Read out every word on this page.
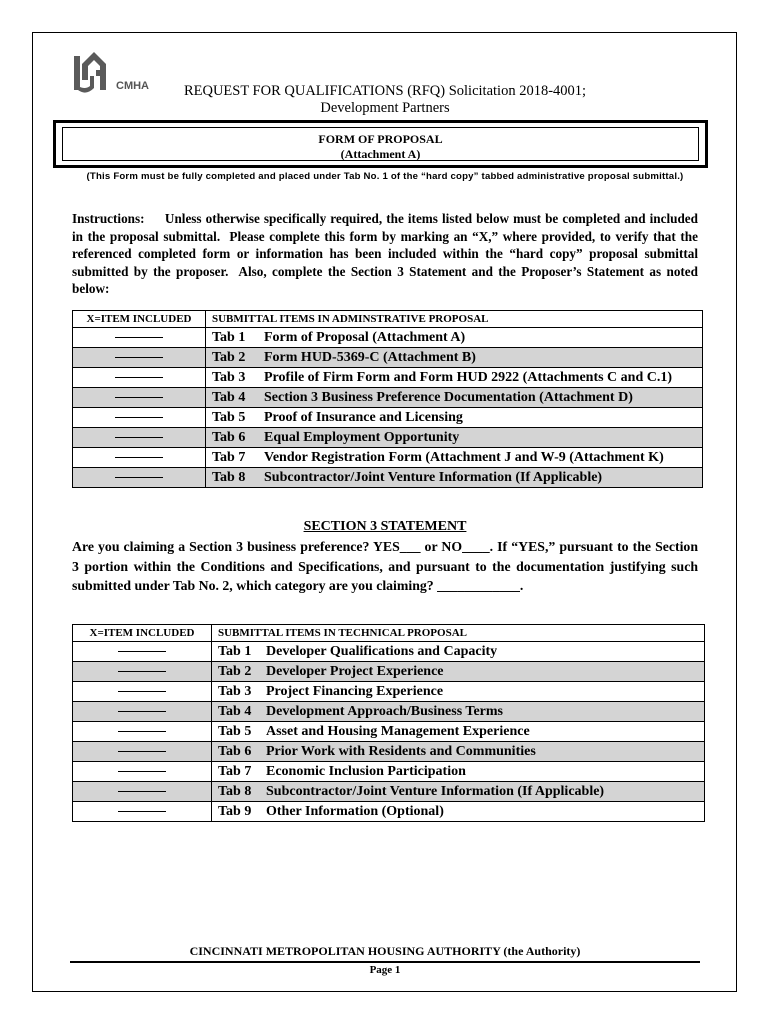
CMHA	REQUEST FOR QUALIFICATIONS (RFQ) Solicitation 2018-4001;
Development Partners
FORM OF PROPOSAL
(Attachment A)
(This Form must be fully completed and placed under Tab No. 1 of the “hard copy” tabbed administrative proposal submittal.)
Instructions:     Unless otherwise specifically required, the items listed below must be completed and included in the proposal submittal.  Please complete this form by marking an “X,” where provided, to verify that the referenced completed form or information has been included within the “hard copy” proposal submittal submitted by the proposer.  Also, complete the Section 3 Statement and the Proposer’s Statement as noted below:
X=ITEM INCLUDED	SUBMITTAL ITEMS IN ADMINSTRATIVE PROPOSAL
	Tab 1 Form of Proposal (Attachment A)
	Tab 2 Form HUD-5369-C (Attachment B)

	Tab 3 Profile of Firm Form and Form HUD 2922 (Attachments C and C.1)

	Tab 4 Section 3 Business Preference Documentation (Attachment D)
	Tab 5 Proof of Insurance and Licensing
	Tab 6 Equal Employment Opportunity
	Tab 7 Vendor Registration Form (Attachment J and W-9 (Attachment K)
	Tab 8 Subcontractor/Joint Venture Information (If Applicable)
SECTION 3 STATEMENT
Are you claiming a Section 3 business preference? YES___ or NO____. If “YES,” pursuant to the Section 3 portion within the Conditions and Specifications, and pursuant to the documentation justifying such submitted under Tab No. 2, which category are you claiming? ____________.
X=ITEM INCLUDED	SUBMITTAL ITEMS IN TECHNICAL PROPOSAL
	Tab 1 Developer Qualifications and Capacity
	Tab 2 Developer Project Experience
	Tab 3 Project Financing Experience
	Tab 4 Development Approach/Business Terms
	Tab 5 Asset and Housing Management Experience
	Tab 6 Prior Work with Residents and Communities
	Tab 7 Economic Inclusion Participation
	Tab 8 Subcontractor/Joint Venture Information (If Applicable)
	Tab 9 Other Information (Optional)
CINCINNATI METROPOLITAN HOUSING AUTHORITY (the Authority)
Page 1
